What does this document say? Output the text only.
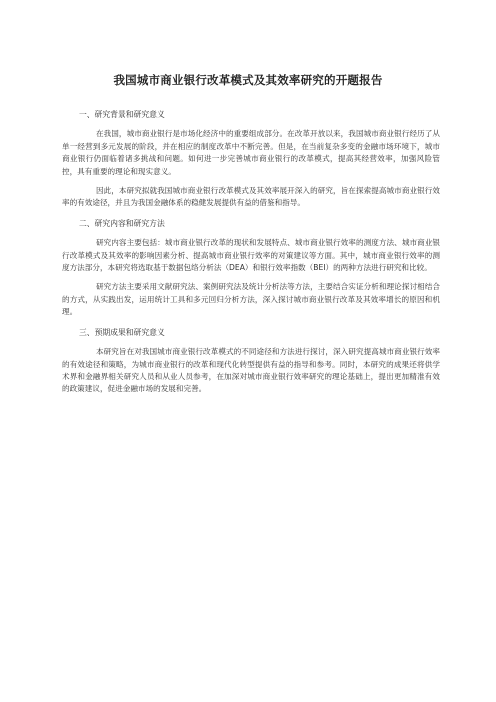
我国城市商业银行改革模式及其效率研究的开题报告

一、研究背景和研究意义

在我国，城市商业银行是市场化经济中的重要组成部分。在改革开放以来，我国城市商业银行经历了从单一经营到多元发展的阶段，并在相应的制度改革中不断完善。但是，在当前复杂多变的金融市场环境下，城市商业银行仍面临着诸多挑战和问题。如何进一步完善城市商业银行的改革模式，提高其经营效率，加强风险管控，具有重要的理论和现实意义。

因此，本研究拟就我国城市商业银行改革模式及其效率展开深入的研究，旨在探索提高城市商业银行效率的有效途径，并且为我国金融体系的稳健发展提供有益的借鉴和指导。

二、研究内容和研究方法

研究内容主要包括：城市商业银行改革的现状和发展特点、城市商业银行效率的测度方法、城市商业银行改革模式及其效率的影响因素分析、提高城市商业银行效率的对策建议等方面。其中，城市商业银行效率的测度方法部分，本研究将选取基于数据包络分析法（DEA）和银行效率指数（BEI）的两种方法进行研究和比较。

研究方法主要采用文献研究法、案例研究法及统计分析法等方法，主要结合实证分析和理论探讨相结合的方式，从实践出发，运用统计工具和多元回归分析方法，深入探讨城市商业银行改革及其效率增长的原因和机理。

三、预期成果和研究意义

本研究旨在对我国城市商业银行改革模式的不同途径和方法进行探讨，深入研究提高城市商业银行效率的有效途径和策略，为城市商业银行的改革和现代化转型提供有益的指导和参考。同时，本研究的成果还将供学术界和金融界相关研究人员和从业人员参考，在加深对城市商业银行效率研究的理论基础上，提出更加精准有效的政策建议，促进金融市场的发展和完善。
